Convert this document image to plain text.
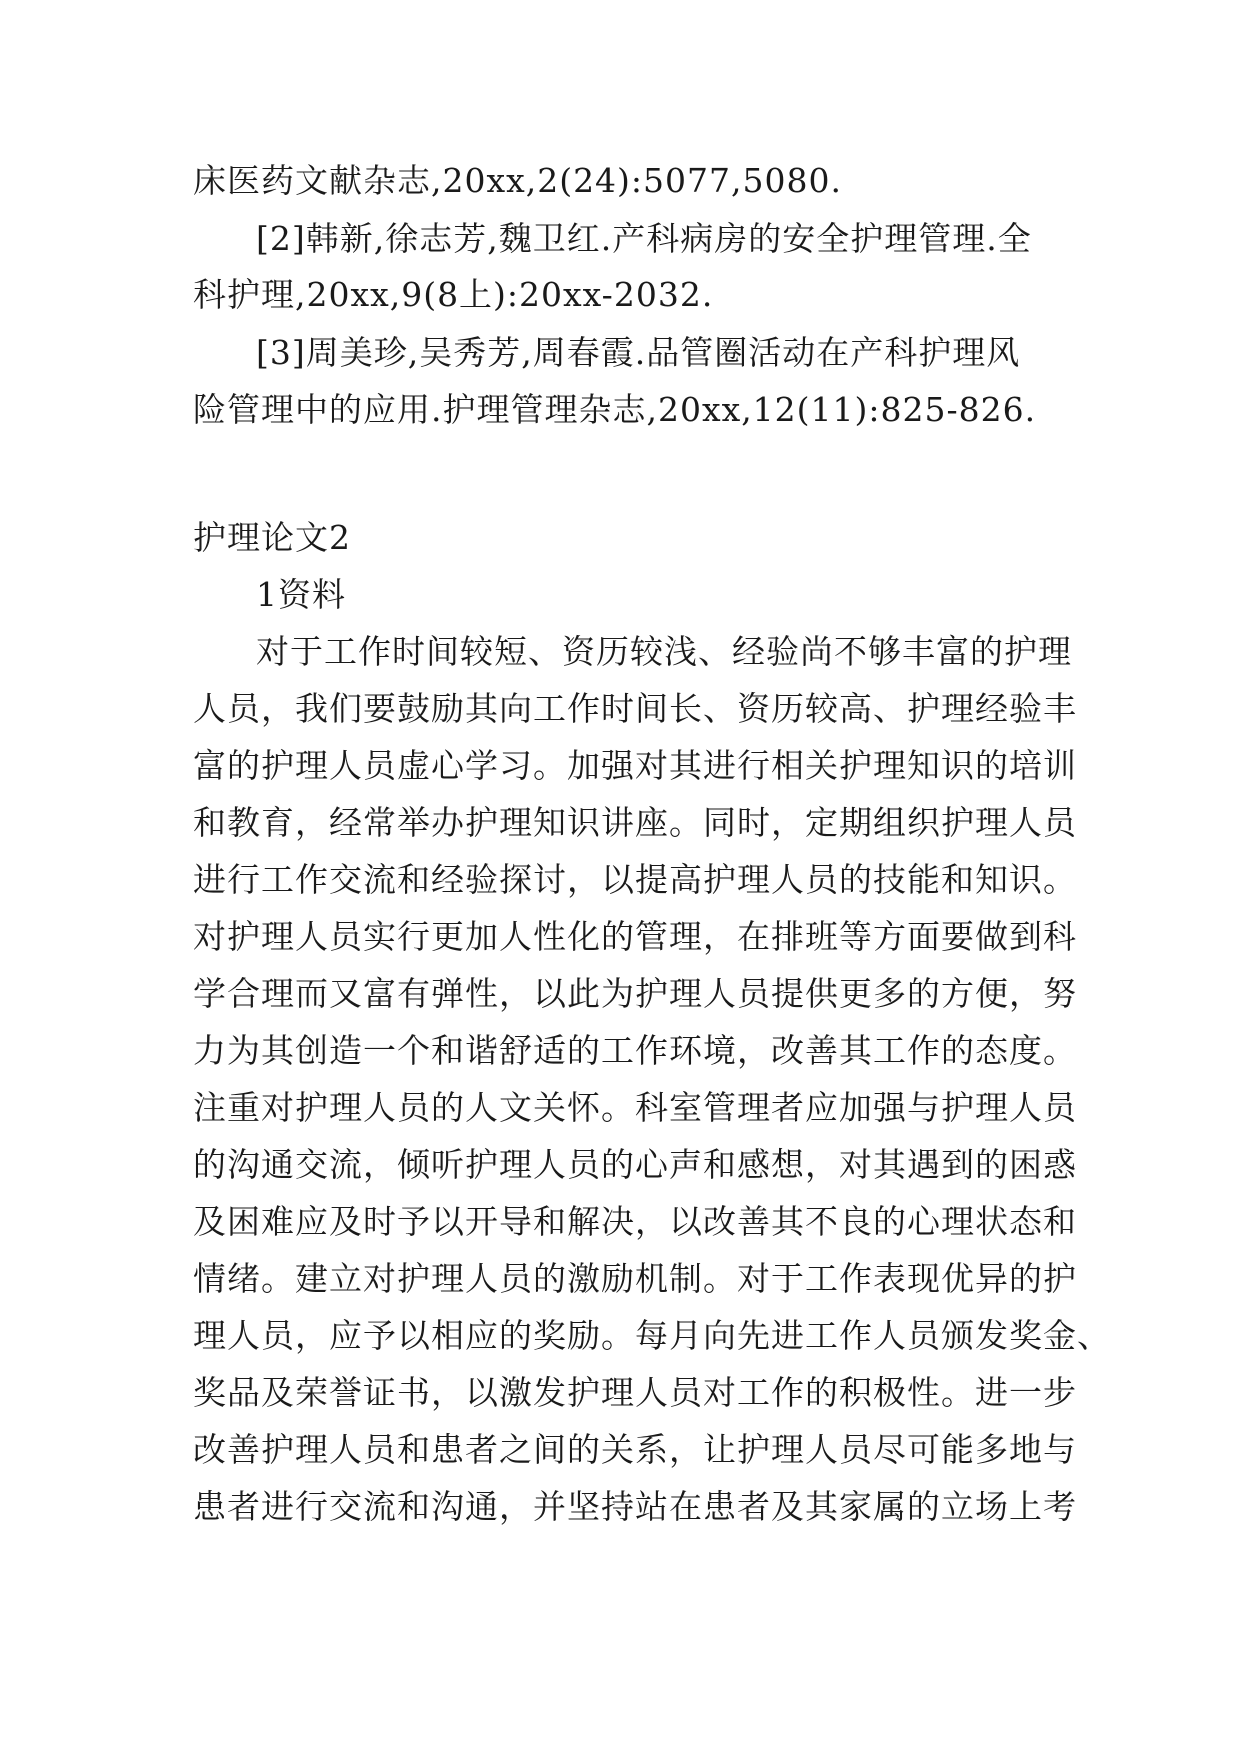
床医药文献杂志,20xx,2(24):5077,5080.

[2]韩新,徐志芳,魏卫红.产科病房的安全护理管理.全

科护理,20xx,9(8上):20xx-2032.

[3]周美珍,吴秀芳,周春霞.品管圈活动在产科护理风

险管理中的应用.护理管理杂志,20xx,12(11):825-826.

护理论文2

1资料

对于工作时间较短、资历较浅、经验尚不够丰富的护理

人员，我们要鼓励其向工作时间长、资历较高、护理经验丰

富的护理人员虚心学习。加强对其进行相关护理知识的培训

和教育，经常举办护理知识讲座。同时，定期组织护理人员

进行工作交流和经验探讨，以提高护理人员的技能和知识。

对护理人员实行更加人性化的管理，在排班等方面要做到科

学合理而又富有弹性，以此为护理人员提供更多的方便，努

力为其创造一个和谐舒适的工作环境，改善其工作的态度。

注重对护理人员的人文关怀。科室管理者应加强与护理人员

的沟通交流，倾听护理人员的心声和感想，对其遇到的困惑

及困难应及时予以开导和解决，以改善其不良的心理状态和

情绪。建立对护理人员的激励机制。对于工作表现优异的护

理人员，应予以相应的奖励。每月向先进工作人员颁发奖金、

奖品及荣誉证书，以激发护理人员对工作的积极性。进一步

改善护理人员和患者之间的关系，让护理人员尽可能多地与

患者进行交流和沟通，并坚持站在患者及其家属的立场上考
